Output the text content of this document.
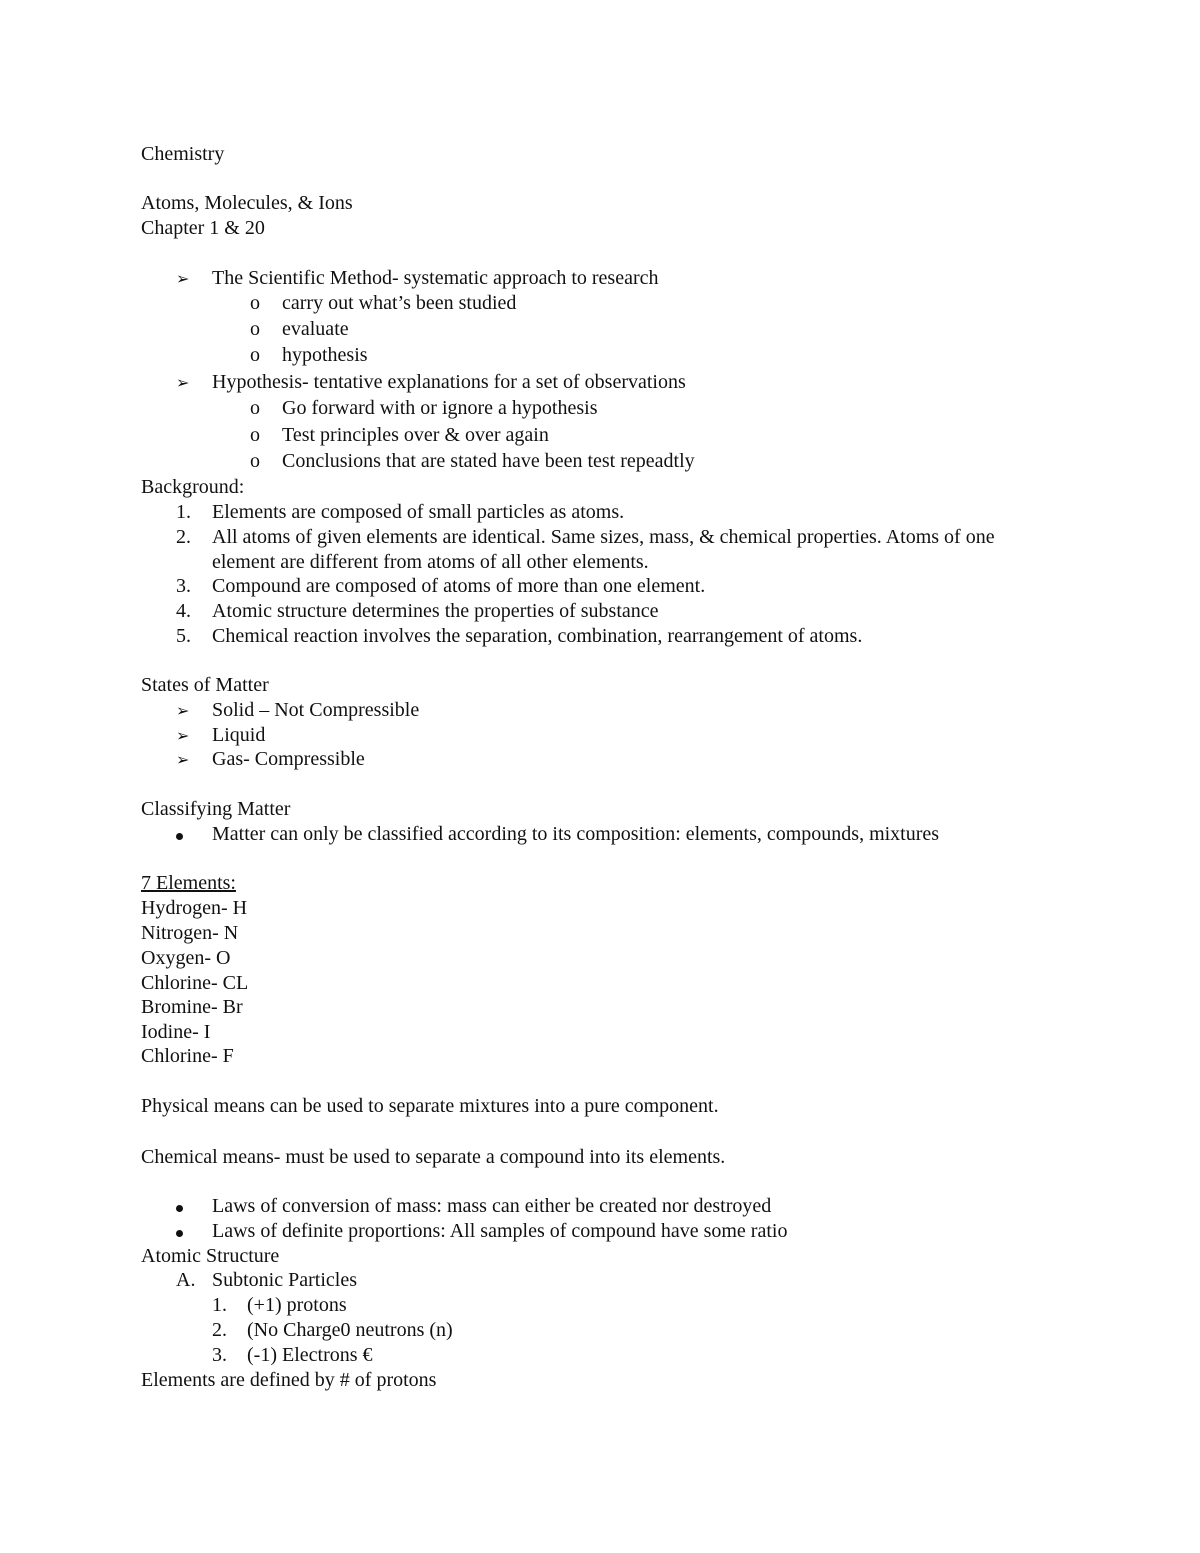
Chemistry
Atoms, Molecules, & Ions
Chapter 1 & 20
➢ The Scientific Method- systematic approach to research
o carry out what’s been studied
o evaluate
o hypothesis
➢ Hypothesis- tentative explanations for a set of observations
o Go forward with or ignore a hypothesis
o Test principles over & over again
o Conclusions that are stated have been test repeadtly
Background:
1. Elements are composed of small particles as atoms.
2. All atoms of given elements are identical. Same sizes, mass, & chemical properties. Atoms of one element are different from atoms of all other elements.
3. Compound are composed of atoms of more than one element.
4. Atomic structure determines the properties of substance
5. Chemical reaction involves the separation, combination, rearrangement of atoms.
States of Matter
➢ Solid – Not Compressible
➢ Liquid
➢ Gas- Compressible
Classifying Matter
Matter can only be classified according to its composition: elements, compounds, mixtures
7 Elements:
Hydrogen- H
Nitrogen- N
Oxygen- O
Chlorine- CL
Bromine- Br
Iodine- I
Chlorine- F
Physical means can be used to separate mixtures into a pure component.
Chemical means- must be used to separate a compound into its elements.
Laws of conversion of mass: mass can either be created nor destroyed
Laws of definite proportions: All samples of compound have some ratio
Atomic Structure
A. Subtonic Particles
1. (+1) protons
2. (No Charge0 neutrons (n)
3. (-1) Electrons €
Elements are defined by # of protons
